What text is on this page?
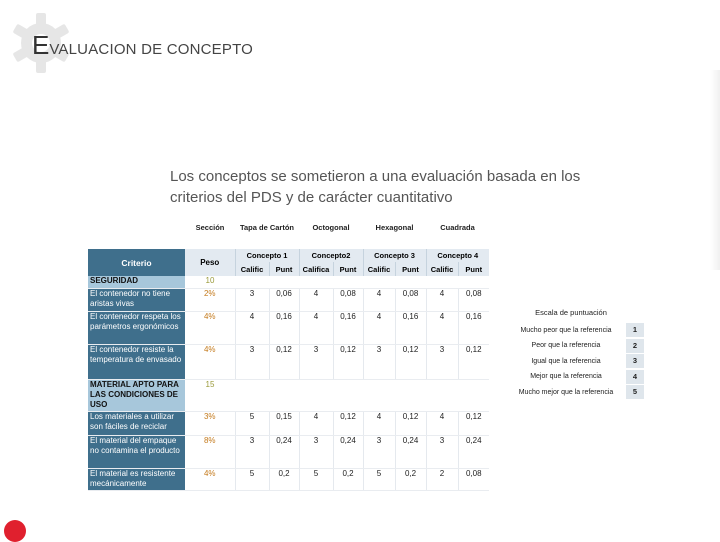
EVALUACION DE CONCEPTO
Los conceptos se sometieron a una evaluación basada en los criterios del PDS y de carácter cuantitativo
	Sección	Tapa de Cartón		Octogonal		Hexagonal		Cuadrada	
Criterio	Peso	Concepto 1		Concepto2		Concepto 3		Concepto 4	
		Calific	Punt	Califica	Punt	Calific	Punt	Calific	Punt
SEGURIDAD	10								
El contenedor no tiene aristas vivas	2%	3	0,06	4	0,08	4	0,08	4	0,08
El contenedor respeta los parámetros ergonómicos	4%	4	0,16	4	0,16	4	0,16	4	0,16
El contenedor resiste la temperatura de envasado	4%	3	0,12	3	0,12	3	0,12	3	0,12
MATERIAL APTO PARA LAS CONDICIONES DE USO	15								
Los materiales a utilizar son fáciles de reciclar	3%	5	0,15	4	0,12	4	0,12	4	0,12
El material del empaque no contamina el producto	8%	3	0,24	3	0,24	3	0,24	3	0,24
El material es resistente mecánicamente	4%	5	0,2	5	0,2	5	0,2	2	0,08
Escala de puntuación
Mucho peor que la referencia	1
Peor que la referencia	2
Igual que la referencia	3
Mejor que la referencia	4
Mucho mejor que la referencia	5
